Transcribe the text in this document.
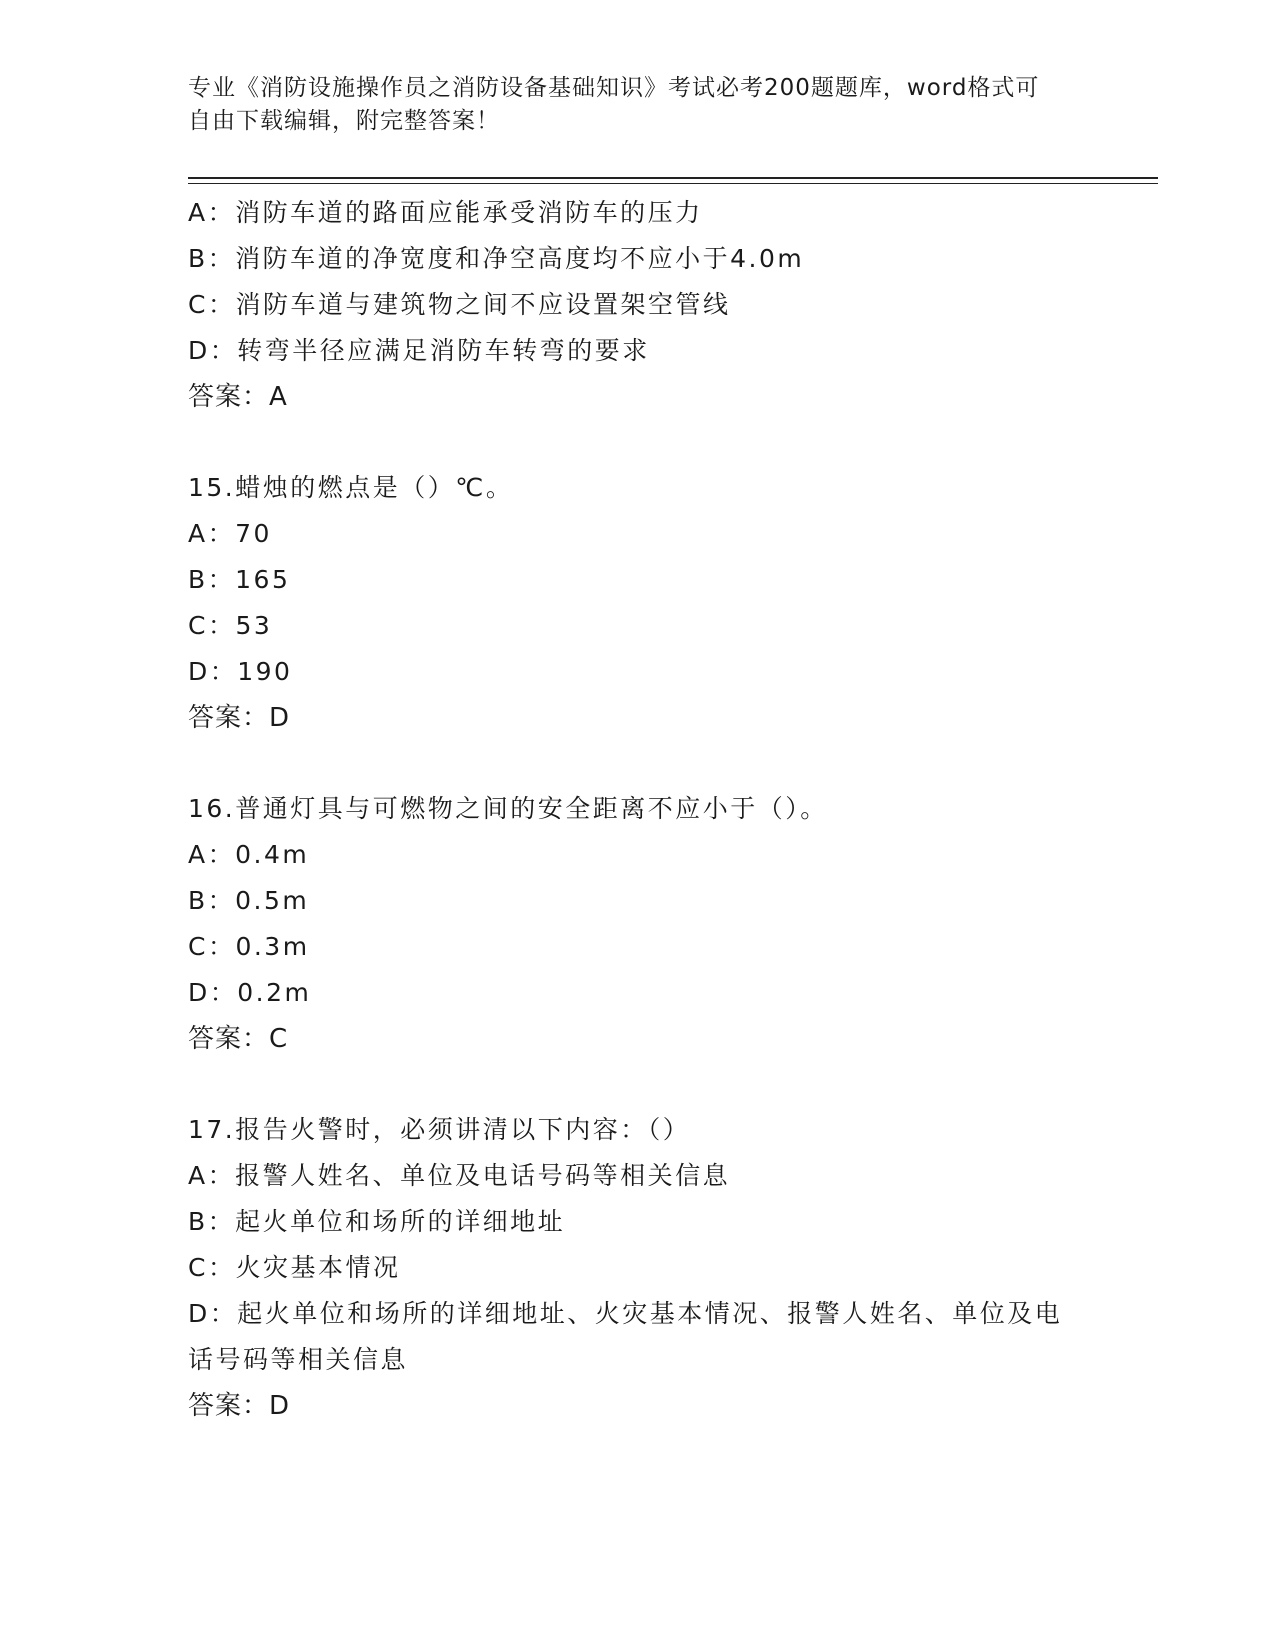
专业《消防设施操作员之消防设备基础知识》考试必考200题题库，word格式可
自由下载编辑，附完整答案！
A：消防车道的路面应能承受消防车的压力
B：消防车道的净宽度和净空高度均不应小于4.0m
C：消防车道与建筑物之间不应设置架空管线
D：转弯半径应满足消防车转弯的要求
答案：A
15.蜡烛的燃点是（）℃。
A：70
B：165
C：53
D：190
答案：D
16.普通灯具与可燃物之间的安全距离不应小于（）。
A：0.4m
B：0.5m
C：0.3m
D：0.2m
答案：C
17.报告火警时，必须讲清以下内容：（）
A：报警人姓名、单位及电话号码等相关信息
B：起火单位和场所的详细地址
C：火灾基本情况
D：起火单位和场所的详细地址、火灾基本情况、报警人姓名、单位及电话号码等相关信息
答案：D
